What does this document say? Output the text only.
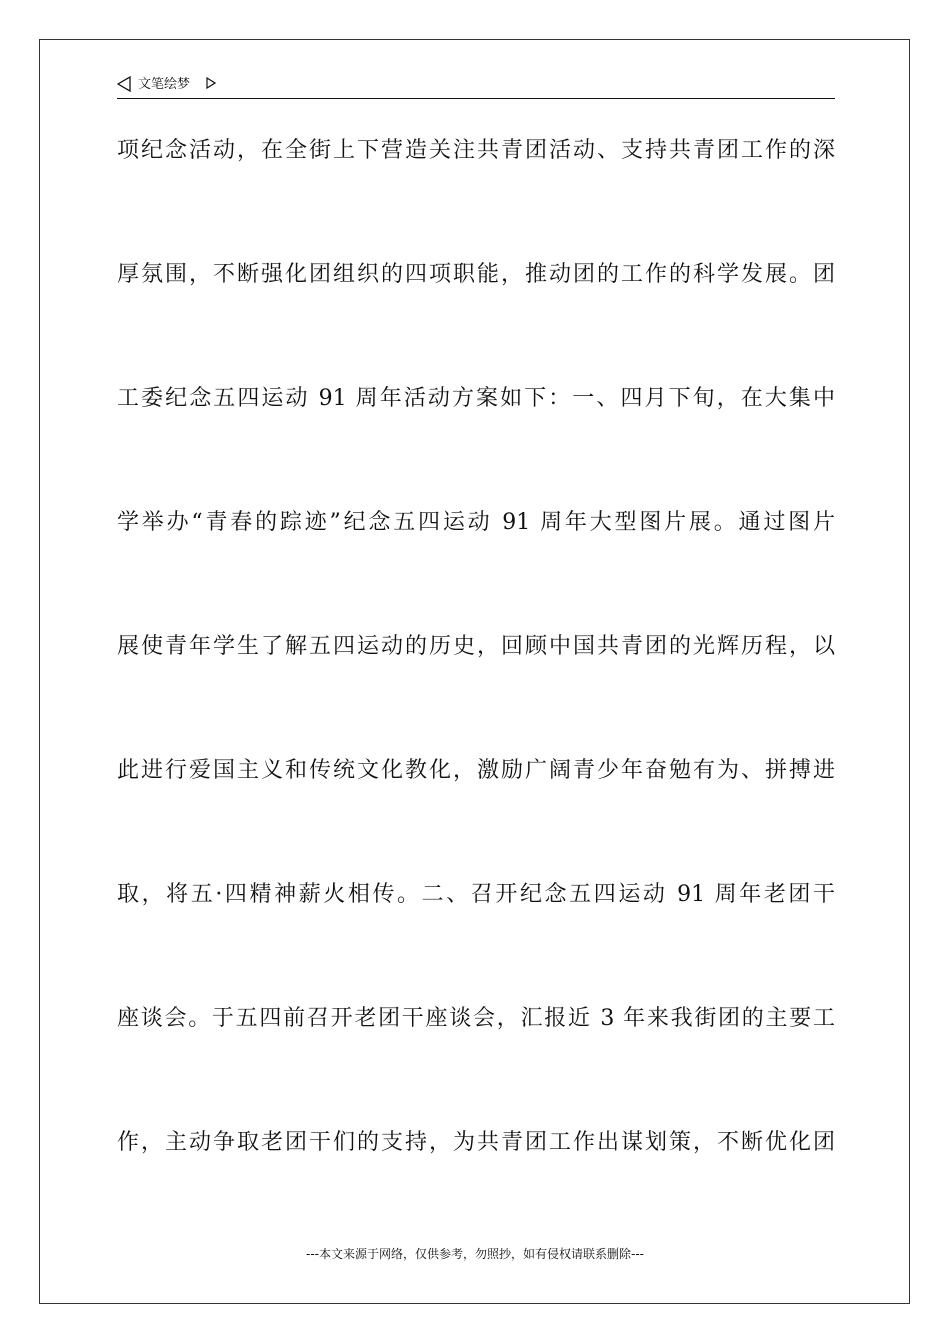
文笔绘梦
项纪念活动，在全街上下营造关注共青团活动、支持共青团工作的深
厚氛围，不断强化团组织的四项职能，推动团的工作的科学发展。团
工委纪念五四运动 91 周年活动方案如下：一、四月下旬，在大集中
学举办“青春的踪迹”纪念五四运动 91 周年大型图片展。通过图片
展使青年学生了解五四运动的历史，回顾中国共青团的光辉历程，以
此进行爱国主义和传统文化教化，激励广阔青少年奋勉有为、拼搏进
取，将五·四精神薪火相传。二、召开纪念五四运动 91 周年老团干
座谈会。于五四前召开老团干座谈会，汇报近 3 年来我街团的主要工
作，主动争取老团干们的支持，为共青团工作出谋划策，不断优化团
---本文来源于网络，仅供参考，勿照抄，如有侵权请联系删除---
